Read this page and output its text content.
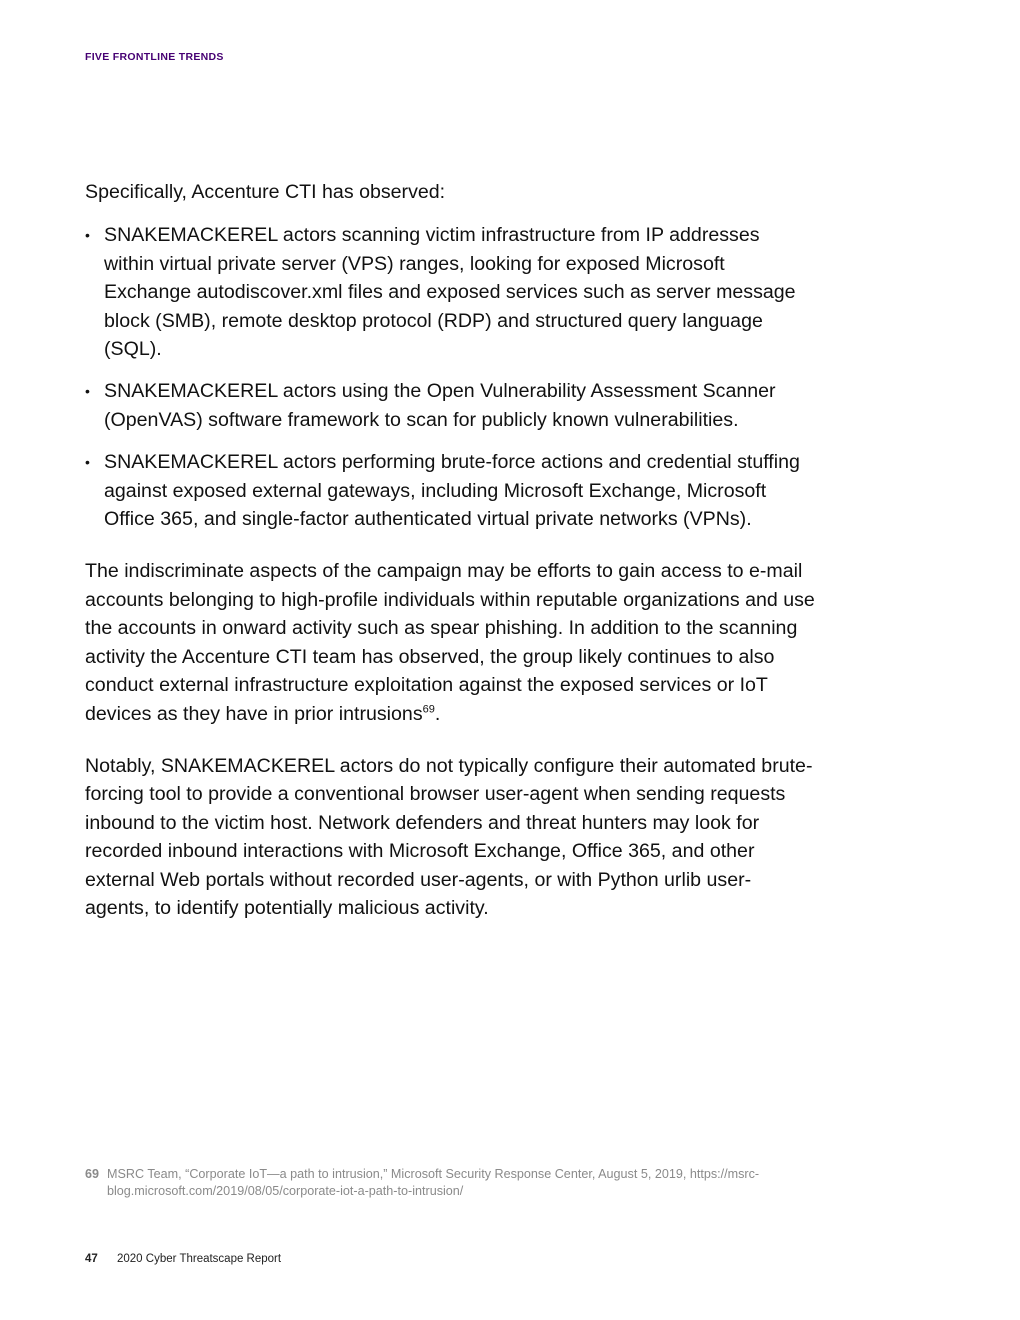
FIVE FRONTLINE TRENDS

Specifically, Accenture CTI has observed:

• SNAKEMACKEREL actors scanning victim infrastructure from IP addresses within virtual private server (VPS) ranges, looking for exposed Microsoft Exchange autodiscover.xml files and exposed services such as server message block (SMB), remote desktop protocol (RDP) and structured query language (SQL).
• SNAKEMACKEREL actors using the Open Vulnerability Assessment Scanner (OpenVAS) software framework to scan for publicly known vulnerabilities.
• SNAKEMACKEREL actors performing brute-force actions and credential stuffing against exposed external gateways, including Microsoft Exchange, Microsoft Office 365, and single-factor authenticated virtual private networks (VPNs).

The indiscriminate aspects of the campaign may be efforts to gain access to e-mail accounts belonging to high-profile individuals within reputable organizations and use the accounts in onward activity such as spear phishing. In addition to the scanning activity the Accenture CTI team has observed, the group likely continues to also conduct external infrastructure exploitation against the exposed services or IoT devices as they have in prior intrusions$^{69}$.

Notably, SNAKEMACKEREL actors do not typically configure their automated brute-forcing tool to provide a conventional browser user-agent when sending requests inbound to the victim host. Network defenders and threat hunters may look for recorded inbound interactions with Microsoft Exchange, Office 365, and other external Web portals without recorded user-agents, or with Python urlib user-agents, to identify potentially malicious activity.

69 MSRC Team, “Corporate IoT—a path to intrusion,” Microsoft Security Response Center, August 5, 2019, https://msrc-blog.microsoft.com/2019/08/05/corporate-iot-a-path-to-intrusion/
47 2020 Cyber Threatscape Report
